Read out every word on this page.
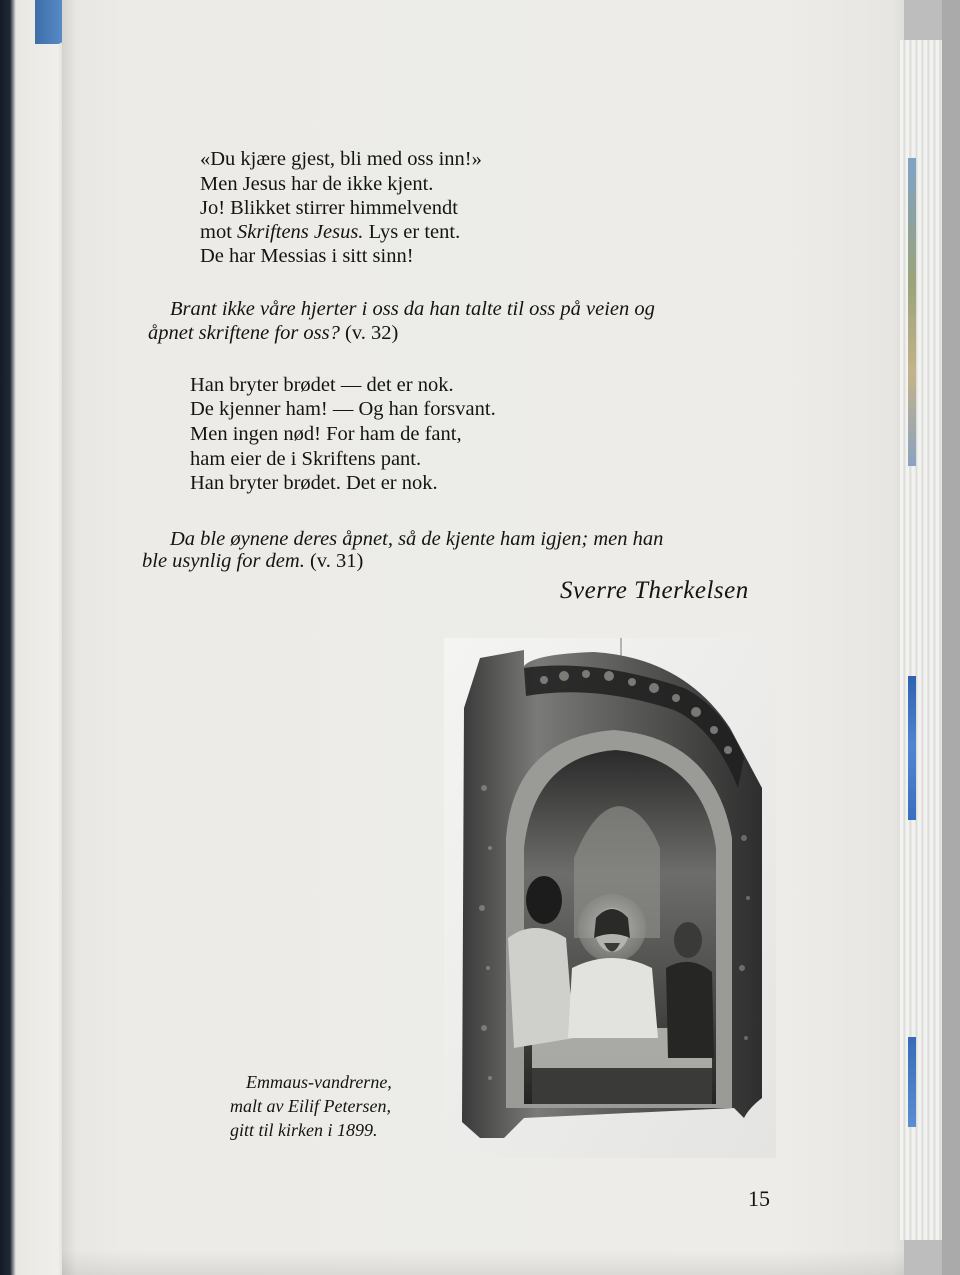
«Du kjære gjest, bli med oss inn!»
Men Jesus har de ikke kjent.
Jo! Blikket stirrer himmelvendt
mot Skriftens Jesus. Lys er tent.
De har Messias i sitt sinn!
Brant ikke våre hjerter i oss da han talte til oss på veien og
åpnet skriftene for oss? (v. 32)
Han bryter brødet — det er nok.
De kjenner ham! — Og han forsvant.
Men ingen nød! For ham de fant,
ham eier de i Skriftens pant.
Han bryter brødet. Det er nok.
Da ble øynene deres åpnet, så de kjente ham igjen; men han
ble usynlig for dem. (v. 31)
Sverre Therkelsen
Emmaus-vandrerne,
malt av Eilif Petersen,
gitt til kirken i 1899.
15
